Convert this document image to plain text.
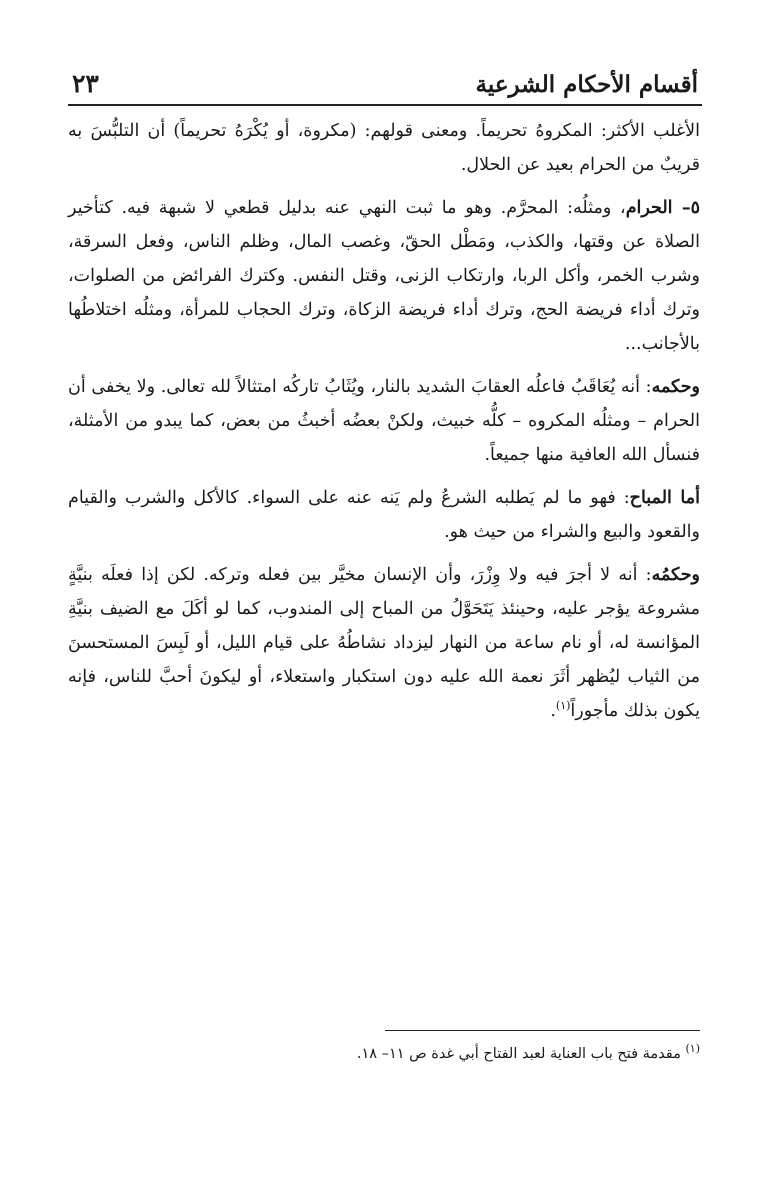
أقسام الأحكام الشرعية
٢٣

الأغلب الأكثر: المكروهُ تحريماً. ومعنى قولهم: (مكروة، أو يُكْرَهُ تحريماً) أن التلبُّسَ به قريبٌ من الحرام بعيد عن الحلال.

٥– الحرام، ومثلُه: المحرَّم. وهو ما ثبت النهي عنه بدليل قطعي لا شبهة فيه. كتأخير الصلاة عن وقتها، والكذب، ومَطْل الحقّ، وغصب المال، وظلم الناس، وفعل السرقة، وشرب الخمر، وأكل الربا، وارتكاب الزنى، وقتل النفس. وكترك الفرائض من الصلوات، وترك أداء فريضة الحج، وترك أداء فريضة الزكاة، وترك الحجاب للمرأة، ومثلُه اختلاطُها بالأجانب...

وحكمه: أنه يُعَاقَبُ فاعلُه العقابَ الشديد بالنار، ويُثَابُ تاركُه امتثالاً لله تعالى. ولا يخفى أن الحرام – ومثلُه المكروه – كلُّه خبيث، ولكنْ بعضُه أخبثُ من بعض، كما يبدو من الأمثلة، فنسأل الله العافية منها جميعاً.

أما المباح: فهو ما لم يَطلبه الشرعُ ولم يَنه عنه على السواء. كالأكل والشرب والقيام والقعود والبيع والشراء من حيث هو.

وحكمُه: أنه لا أجرَ فيه ولا وِزْرَ، وأن الإنسان مخيَّر بين فعله وتركه. لكن إذا فعلَه بنيَّةٍ مشروعة يؤجر عليه، وحينئذ يَتَحَوَّلُ من المباح إلى المندوب، كما لو أكَلَ مع الضيف بنيَّةِ المؤانسة له، أو نام ساعة من النهار ليزداد نشاطُهُ على قيام الليل، أو لَبِسَ المستحسنَ من الثياب ليُظهر أثَرَ نعمة الله عليه دون استكبار واستعلاء، أو ليكونَ أحبَّ للناس، فإنه يكون بذلك مأجوراً$^{(١)}$.

$^{(١)}$ مقدمة فتح باب العناية لعبد الفتاح أبي غدة ص ١١– ١٨.
